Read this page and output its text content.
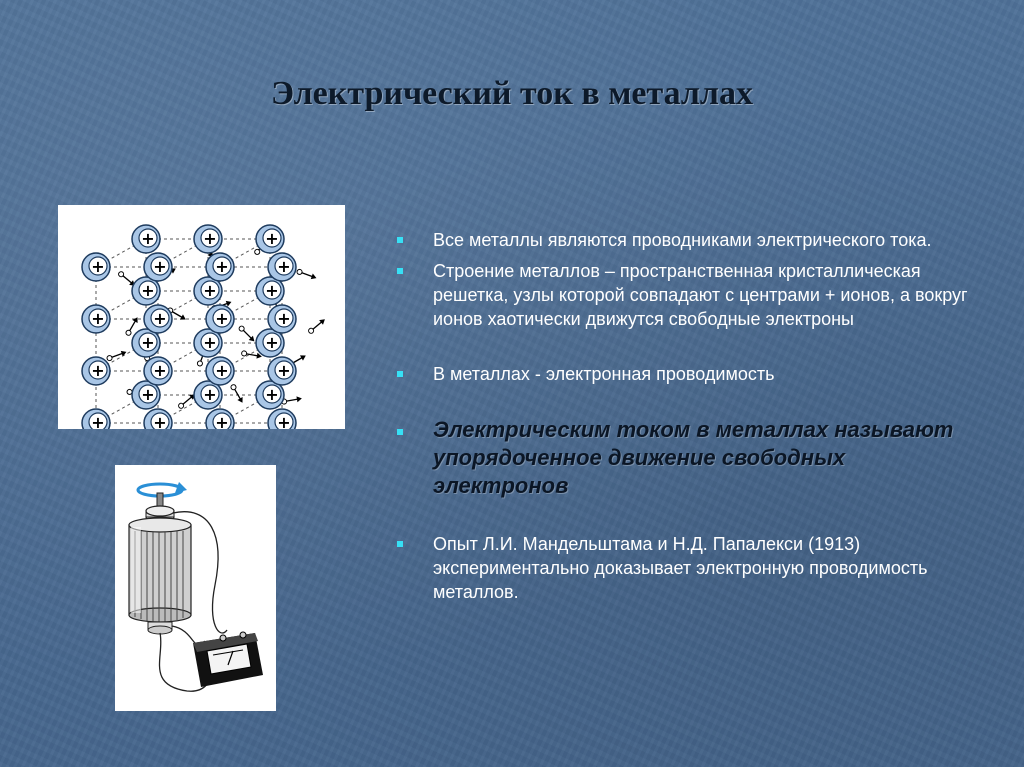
Электрический ток в металлах
+	+	+
+	+	+
+	+	+
+	+	+
+	+	+	+
+	+	+	+
+	+	+	+
+	+	+	+
Все металлы являются проводниками электрического тока.
Строение металлов – пространственная кристаллическая решетка, узлы которой совпадают с центрами + ионов, а вокруг ионов хаотически движутся свободные электроны
В металлах - электронная проводимость
Электрическим током в металлах называют упорядоченное движение свободных электронов
Опыт Л.И. Мандельштама и Н.Д. Папалекси (1913) экспериментально доказывает электронную проводимость металлов.
